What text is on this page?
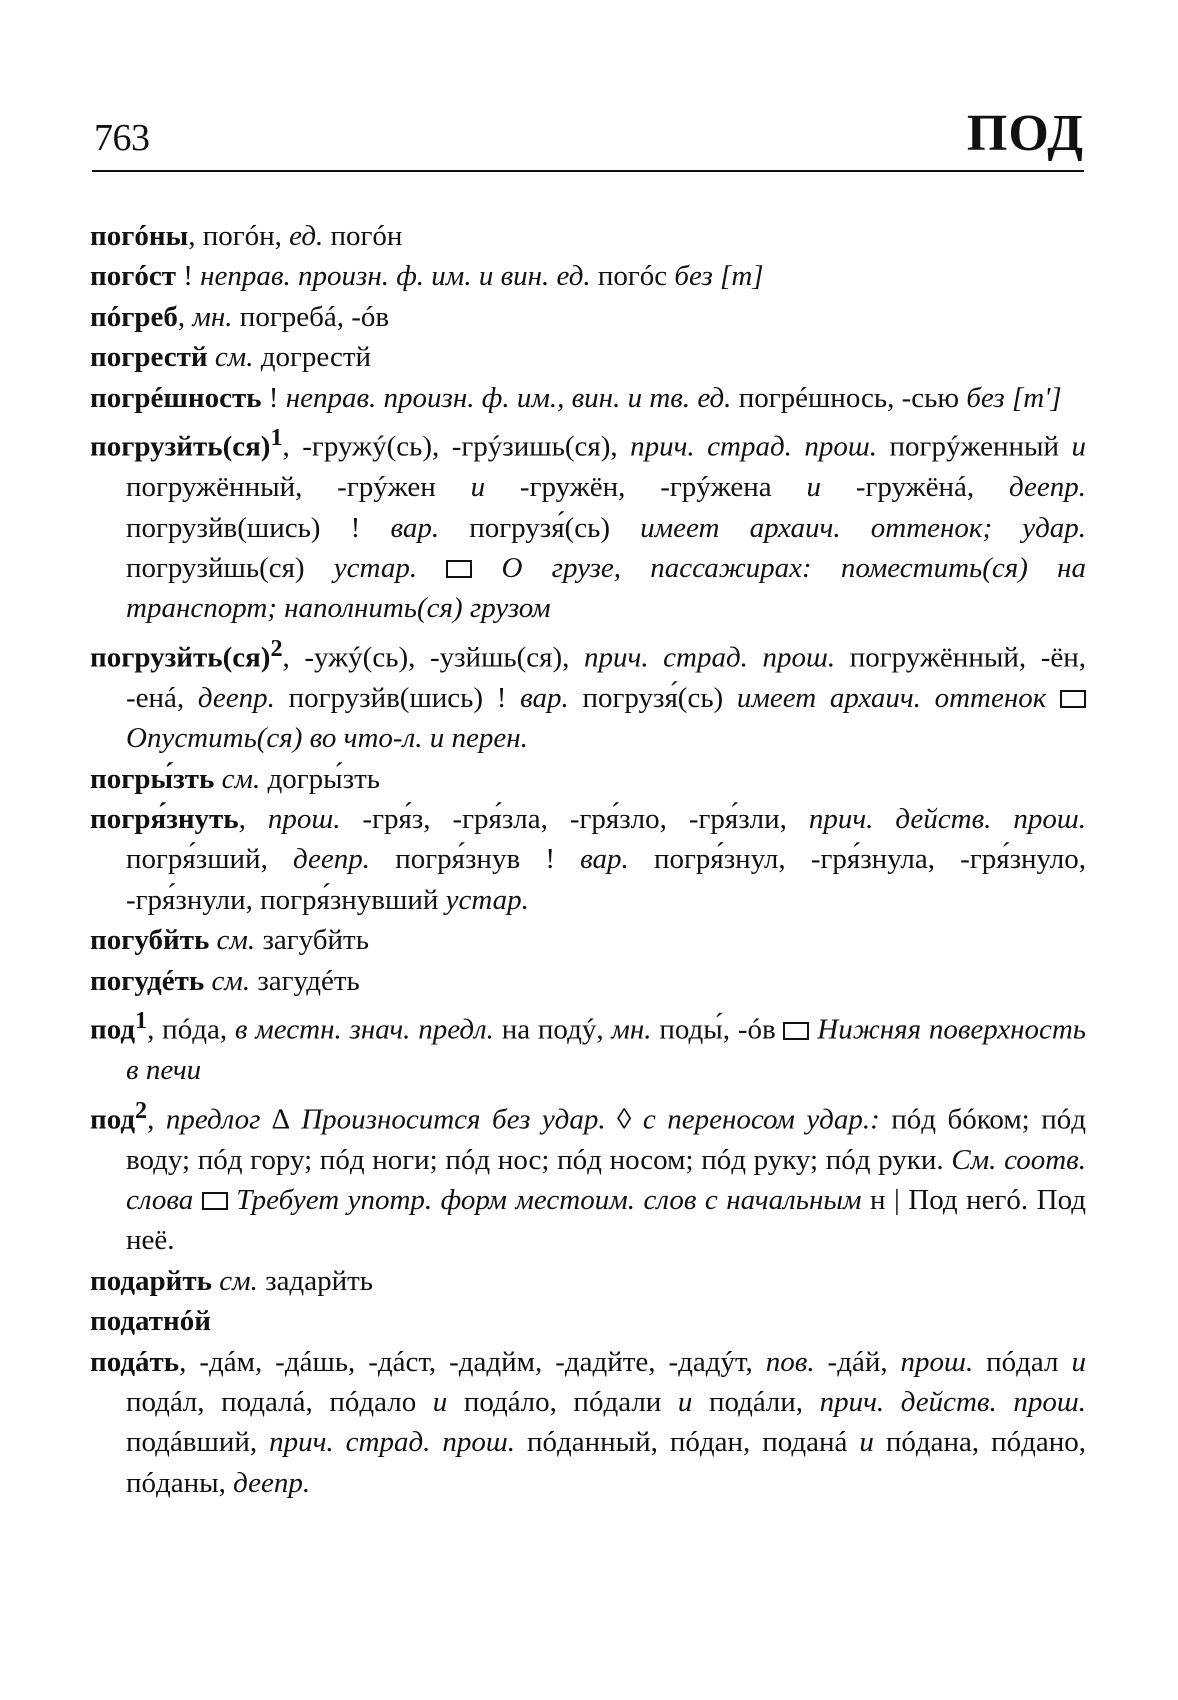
763	ПОД

погóны, погóн, ед. погóн

погóст ! неправ. произн. ф. им. и вин. ед. погóс без [т]

пóгреб, мн. погребá, -óв

погрестй см. догрестй

погрéшность ! неправ. произн. ф. им., вин. и тв. ед. погрéшнось, -сью без [т']

погрузйть(ся)$^1$, -гружý(сь), -грýзишь(ся), прич. страд. прош. погрýженный и погружённый, -грýжен и -гружён, -грýжена и -гружёнá, деепр. погрузйв(шись) ! вар. погрузя́(сь) имеет архаич. оттенок; удар. погрузйшь(ся) устар.	О грузе, пассажирах: поместить(ся) на транспорт; наполнить(ся) грузом

погрузйть(ся)$^2$, -ужý(сь), -узйшь(ся), прич. страд. прош. погружённый, -ён, -енá, деепр. погрузйв(шись) ! вар. погрузя́(сь) имеет архаич. оттенок  Опустить(ся) во что-л. и перен.

погры́зть см. догры́зть

погря́знуть, прош. -гря́з, -гря́зла, -гря́зло, -гря́зли, прич. действ. прош. погря́зший, деепр. погря́знув ! вар. погря́знул, -гря́знула, -гря́знуло, -гря́знули, погря́знувший устар.

погубйть см. загубйть

погудéть см. загудéть

под$^1$, пóда, в местн. знач. предл. на подý, мн. поды́, -óв Нижняя поверхность в печи

под$^2$, предлог ∆ Произносится без удар. ◊ с переносом удар.: пóд бóком; пóд воду; пóд гору; пóд ноги; пóд нос; пóд носом; пóд руку; пóд руки. См. соотв. слова Требует употр. форм местоим. слов с начальным н | Под негó. Под неё.

подарйть см. задарйть

податнóй

подáть, -дáм, -дáшь, -дáст, -дадйм, -дадйте, -дадýт, пов. -дáй, прош. пóдал и подáл, подалá, пóдало и подáло, пóдали и подáли, прич. действ. прош. подáвший, прич. страд. прош. пóданный, пóдан, поданá и пóдана, пóдано, пóданы, деепр.
